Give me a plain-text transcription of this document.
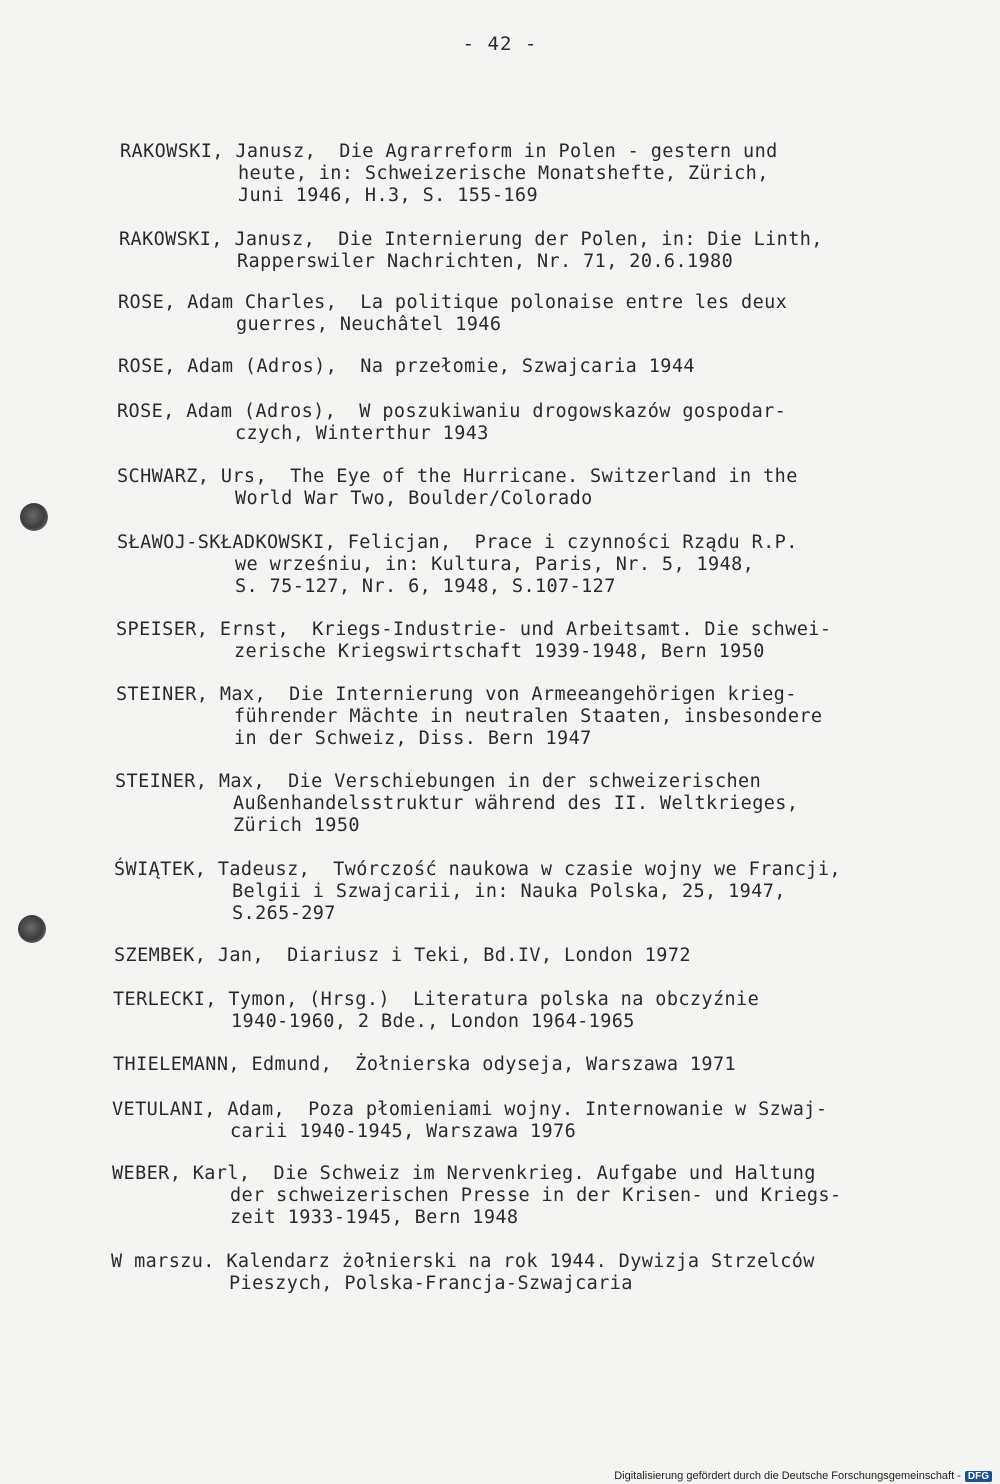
- 42 -
RAKOWSKI, Janusz,  Die Agrarreform in Polen - gestern und
heute, in: Schweizerische Monatshefte, Zürich,
Juni 1946, H.3, S. 155-169
RAKOWSKI, Janusz,  Die Internierung der Polen, in: Die Linth,
Rapperswiler Nachrichten, Nr. 71, 20.6.1980
ROSE, Adam Charles,  La politique polonaise entre les deux
guerres, Neuchâtel 1946
ROSE, Adam (Adros),  Na przełomie, Szwajcaria 1944
ROSE, Adam (Adros),  W poszukiwaniu drogowskazów gospodar-
czych, Winterthur 1943
SCHWARZ, Urs,  The Eye of the Hurricane. Switzerland in the
World War Two, Boulder/Colorado
SŁAWOJ-SKŁADKOWSKI, Felicjan,  Prace i czynności Rządu R.P.
we wrześniu, in: Kultura, Paris, Nr. 5, 1948,
S. 75-127, Nr. 6, 1948, S.107-127
SPEISER, Ernst,  Kriegs-Industrie- und Arbeitsamt. Die schwei-
zerische Kriegswirtschaft 1939-1948, Bern 1950
STEINER, Max,  Die Internierung von Armeeangehörigen krieg-
führender Mächte in neutralen Staaten, insbesondere
in der Schweiz, Diss. Bern 1947
STEINER, Max,  Die Verschiebungen in der schweizerischen
Außenhandelsstruktur während des II. Weltkrieges,
Zürich 1950
ŚWIĄTEK, Tadeusz,  Twórczość naukowa w czasie wojny we Francji,
Belgii i Szwajcarii, in: Nauka Polska, 25, 1947,
S.265-297
SZEMBEK, Jan,  Diariusz i Teki, Bd.IV, London 1972
TERLECKI, Tymon, (Hrsg.)  Literatura polska na obczyźnie
1940-1960, 2 Bde., London 1964-1965
THIELEMANN, Edmund,  Żołnierska odyseja, Warszawa 1971
VETULANI, Adam,  Poza płomieniami wojny. Internowanie w Szwaj-
carii 1940-1945, Warszawa 1976
WEBER, Karl,  Die Schweiz im Nervenkrieg. Aufgabe und Haltung
der schweizerischen Presse in der Krisen- und Kriegs-
zeit 1933-1945, Bern 1948
W marszu. Kalendarz żołnierski na rok 1944. Dywizja Strzelców
Pieszych, Polska-Francja-Szwajcaria
Digitalisierung gefördert durch die Deutsche Forschungsgemeinschaft - DFG
